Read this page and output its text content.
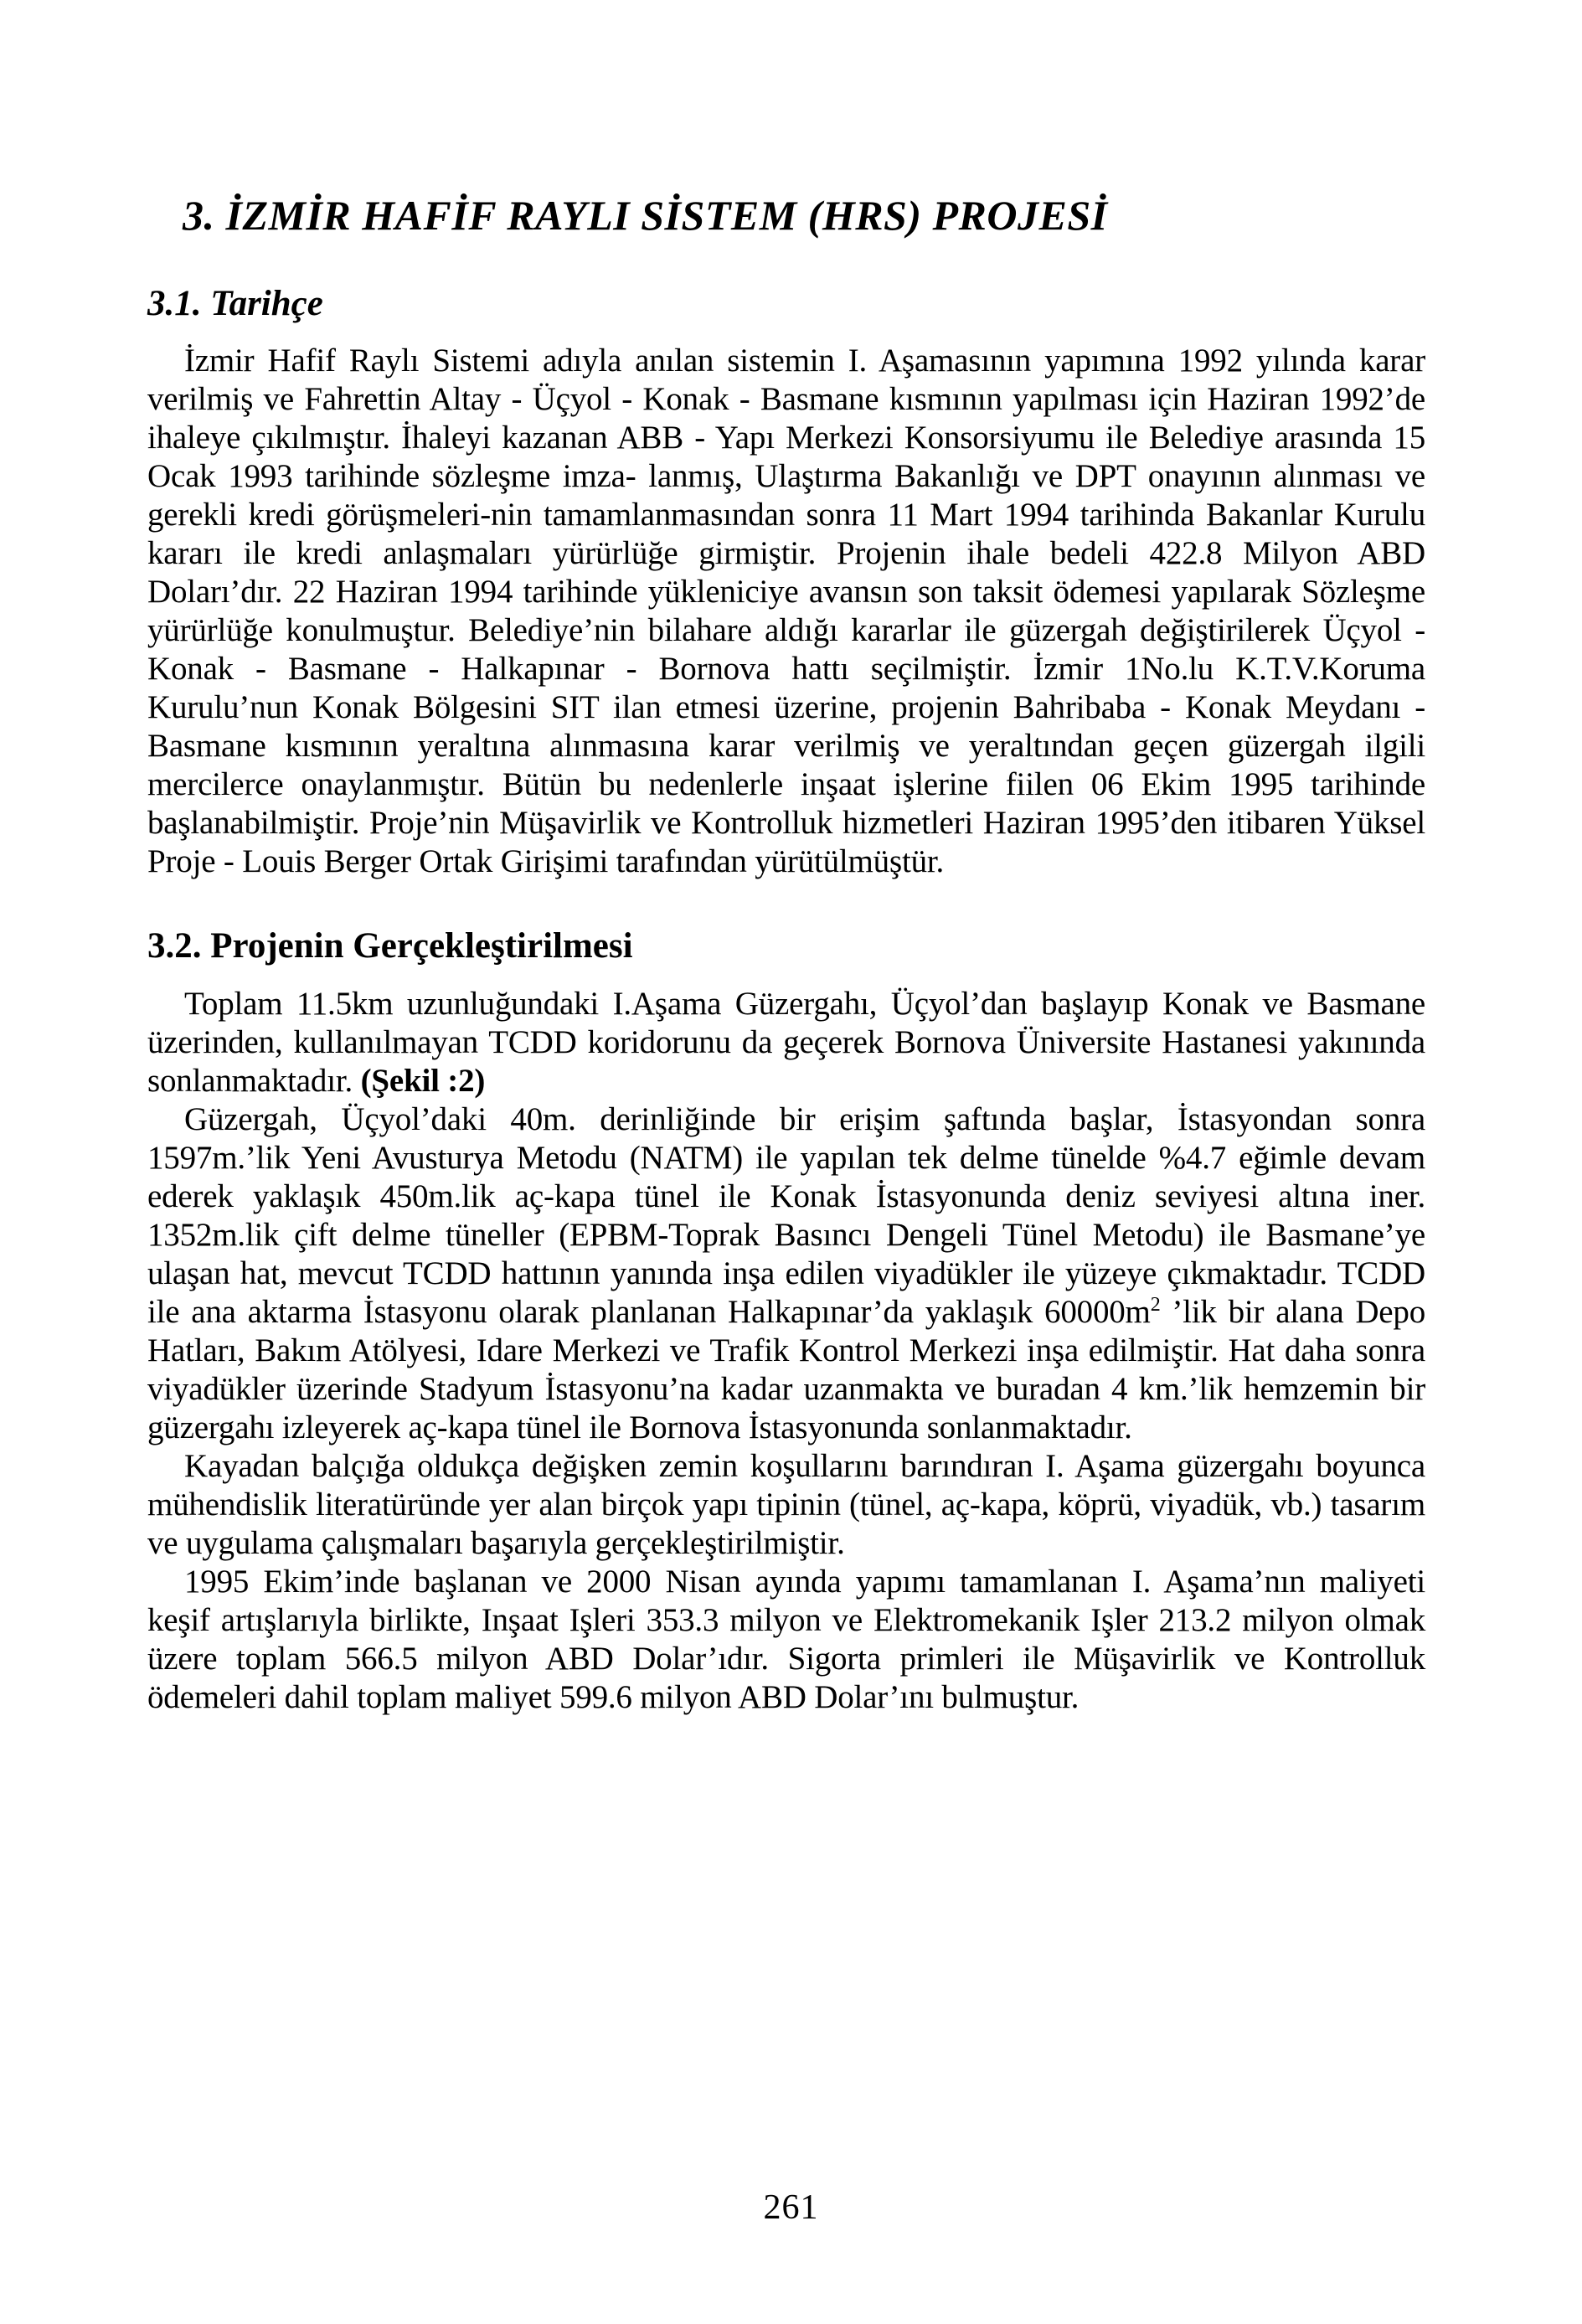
3. İZMİR HAFİF RAYLI SİSTEM (HRS) PROJESİ
3.1. Tarihçe

İzmir Hafif Raylı Sistemi adıyla anılan sistemin I. Aşamasının yapımına 1992 yılında karar verilmiş ve Fahrettin Altay - Üçyol - Konak - Basmane kısmının yapılması için Haziran 1992’de ihaleye çıkılmıştır. İhaleyi kazanan ABB - Yapı Merkezi Konsorsiyumu ile Belediye arasında 15 Ocak 1993 tarihinde sözleşme imza- lanmış, Ulaştırma Bakanlığı ve DPT onayının alınması ve gerekli kredi görüşmeleri-nin tamamlanmasından sonra 11 Mart 1994 tarihinda Bakanlar Kurulu kararı ile kredi anlaşmaları yürürlüğe girmiştir. Projenin ihale bedeli 422.8 Milyon ABD Doları’dır. 22 Haziran 1994 tarihinde yükleniciye avansın son taksit ödemesi yapılarak Sözleşme yürürlüğe konulmuştur. Belediye’nin bilahare aldığı kararlar ile güzergah değiştirilerek Üçyol - Konak - Basmane - Halkapınar - Bornova hattı seçilmiştir. İzmir 1No.lu K.T.V.Koruma Kurulu’nun Konak Bölgesini SIT ilan etmesi üzerine, projenin Bahribaba - Konak Meydanı - Basmane kısmının yeraltına alınmasına karar verilmiş ve yeraltından geçen güzergah ilgili mercilerce onaylanmıştır. Bütün bu nedenlerle inşaat işlerine fiilen 06 Ekim 1995 tarihinde başlanabilmiştir. Proje’nin Müşavirlik ve Kontrolluk hizmetleri Haziran 1995’den itibaren Yüksel Proje - Louis Berger Ortak Girişimi tarafından yürütülmüştür.

3.2. Projenin Gerçekleştirilmesi

Toplam 11.5km uzunluğundaki I.Aşama Güzergahı, Üçyol’dan başlayıp Konak ve Basmane üzerinden, kullanılmayan TCDD koridorunu da geçerek Bornova Üniversite Hastanesi yakınında sonlanmaktadır. (Şekil :2)

Güzergah, Üçyol’daki 40m. derinliğinde bir erişim şaftında başlar, İstasyondan sonra 1597m.’lik Yeni Avusturya Metodu (NATM) ile yapılan tek delme tünelde %4.7 eğimle devam ederek yaklaşık 450m.lik aç-kapa tünel ile Konak İstasyonunda deniz seviyesi altına iner. 1352m.lik çift delme tüneller (EPBM-Toprak Basıncı Dengeli Tünel Metodu) ile Basmane’ye ulaşan hat, mevcut TCDD hattının yanında inşa edilen viyadükler ile yüzeye çıkmaktadır. TCDD ile ana aktarma İstasyonu olarak planlanan Halkapınar’da yaklaşık $60000m^2$ ’lik bir alana Depo Hatları, Bakım Atölyesi, Idare Merkezi ve Trafik Kontrol Merkezi inşa edilmiştir. Hat daha sonra viyadükler üzerinde Stadyum İstasyonu’na kadar uzanmakta ve buradan 4 km.’lik hemzemin bir güzergahı izleyerek aç-kapa tünel ile Bornova İstasyonunda sonlanmaktadır.

Kayadan balçığa oldukça değişken zemin koşullarını barındıran I. Aşama güzergahı boyunca mühendislik literatüründe yer alan birçok yapı tipinin (tünel, aç-kapa, köprü, viyadük, vb.) tasarım ve uygulama çalışmaları başarıyla gerçekleştirilmiştir.

1995 Ekim’inde başlanan ve 2000 Nisan ayında yapımı tamamlanan I. Aşama’nın maliyeti keşif artışlarıyla birlikte, Inşaat Işleri 353.3 milyon ve Elektromekanik Işler 213.2 milyon olmak üzere toplam 566.5 milyon ABD Dolar’ıdır. Sigorta primleri ile Müşavirlik ve Kontrolluk ödemeleri dahil toplam maliyet 599.6 milyon ABD Dolar’ını bulmuştur.

261
